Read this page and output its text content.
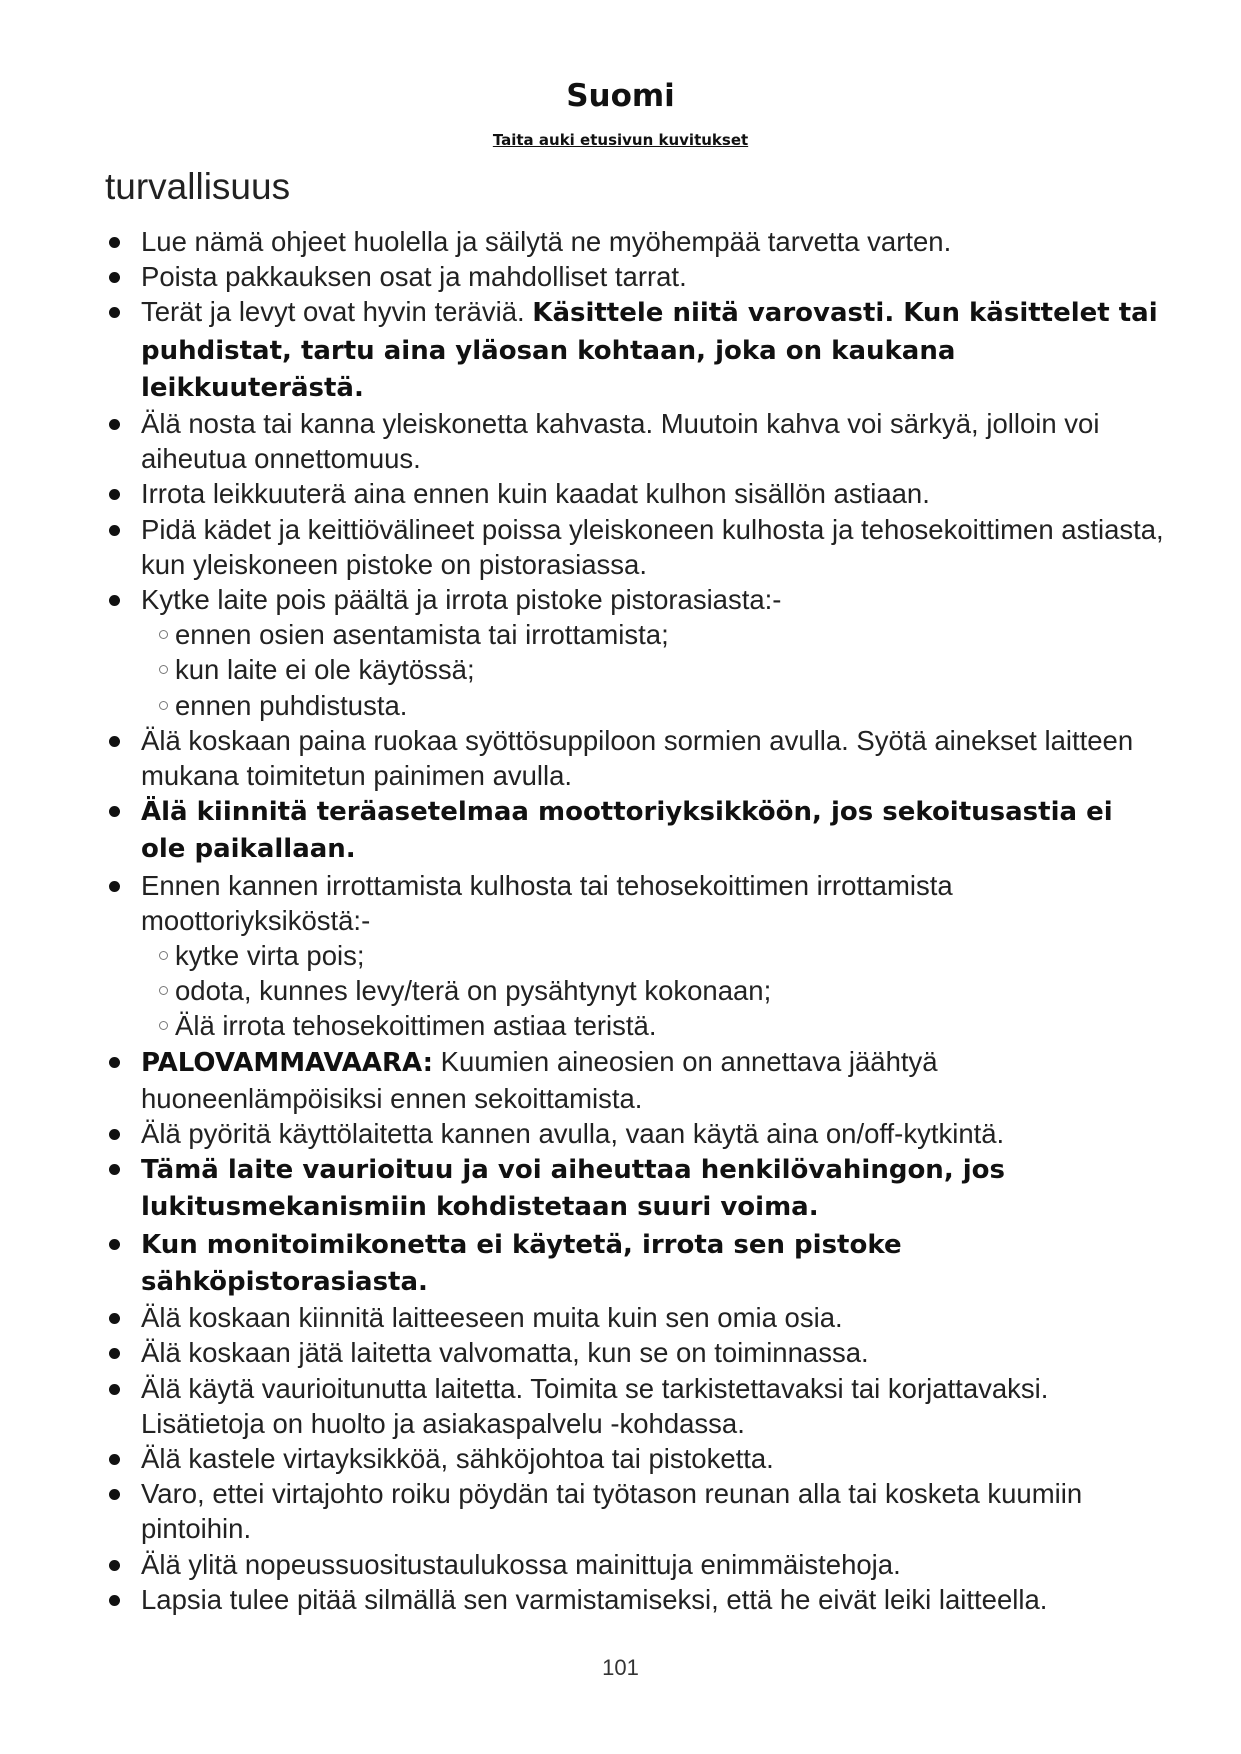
Suomi
Taita auki etusivun kuvitukset
turvallisuus
Lue nämä ohjeet huolella ja säilytä ne myöhempää tarvetta varten.
Poista pakkauksen osat ja mahdolliset tarrat.
Terät ja levyt ovat hyvin teräviä. Käsittele niitä varovasti. Kun käsittelet tai puhdistat, tartu aina yläosan kohtaan, joka on kaukana leikkuuterästä.
Älä nosta tai kanna yleiskonetta kahvasta. Muutoin kahva voi särkyä, jolloin voi aiheutua onnettomuus.
Irrota leikkuuterä aina ennen kuin kaadat kulhon sisällön astiaan.
Pidä kädet ja keittiövälineet poissa yleiskoneen kulhosta ja tehosekoittimen astiasta, kun yleiskoneen pistoke on pistorasiassa.
Kytke laite pois päältä ja irrota pistoke pistorasiasta:-
ennen osien asentamista tai irrottamista;
kun laite ei ole käytössä;
ennen puhdistusta.
Älä koskaan paina ruokaa syöttösuppiloon sormien avulla. Syötä ainekset laitteen mukana toimitetun painimen avulla.
Älä kiinnitä teräasetelmaa moottoriyksikköön, jos sekoitusastia ei ole paikallaan.
Ennen kannen irrottamista kulhosta tai tehosekoittimen irrottamista moottoriyksiköstä:-
kytke virta pois;
odota, kunnes levy/terä on pysähtynyt kokonaan;
Älä irrota tehosekoittimen astiaa teristä.
PALOVAMMAVAARA: Kuumien aineosien on annettava jäähtyä huoneenlämpöisiksi ennen sekoittamista.
Älä pyöritä käyttölaitetta kannen avulla, vaan käytä aina on/off-kytkintä.
Tämä laite vaurioituu ja voi aiheuttaa henkilövahingon, jos lukitusmekanismiin kohdistetaan suuri voima.
Kun monitoimikonetta ei käytetä, irrota sen pistoke sähköpistorasiasta.
Älä koskaan kiinnitä laitteeseen muita kuin sen omia osia.
Älä koskaan jätä laitetta valvomatta, kun se on toiminnassa.
Älä käytä vaurioitunutta laitetta. Toimita se tarkistettavaksi tai korjattavaksi. Lisätietoja on huolto ja asiakaspalvelu -kohdassa.
Älä kastele virtayksikköä, sähköjohtoa tai pistoketta.
Varo, ettei virtajohto roiku pöydän tai työtason reunan alla tai kosketa kuumiin pintoihin.
Älä ylitä nopeussuositustaulukossa mainittuja enimmäistehoja.
Lapsia tulee pitää silmällä sen varmistamiseksi, että he eivät leiki laitteella.
101
